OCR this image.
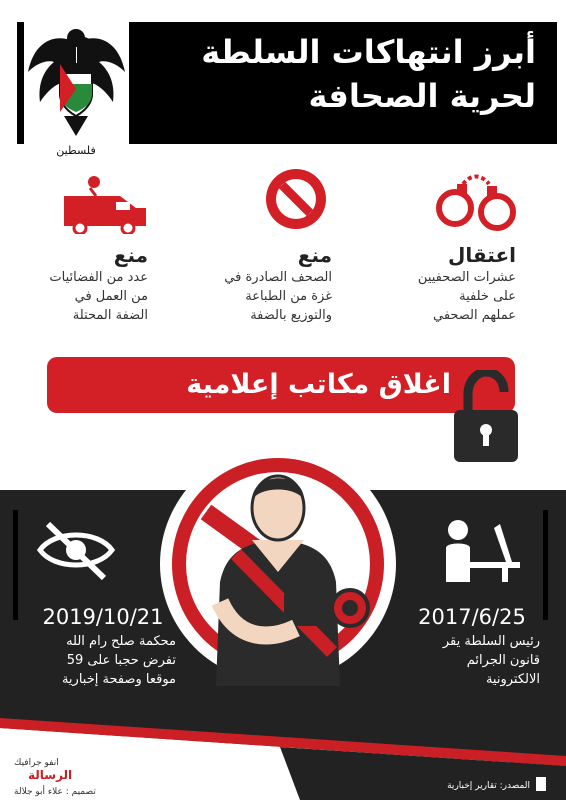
أبرز انتهاكات السلطة
لحرية الصحافة
فلسطين
اعتقال
عشرات الصحفيين
على خلفية
عملهم الصحفي
منع
الصحف الصادرة في
غزة من الطباعة
والتوزيع بالضفة
منع
عدد من الفضائيات
من العمل في
الضفة المحتلة
اغلاق مكاتب إعلامية
2017/6/25
رئيس السلطة يقر
قانون الجرائم
الالكترونية
2019/10/21
محكمة صلح رام الله
تفرض حجبا على 59
موقعا وصفحة إخبارية
انفو جرافيك
الرسالة
تصميم : علاء أبو جلالة
المصدر: تقارير إخبارية
